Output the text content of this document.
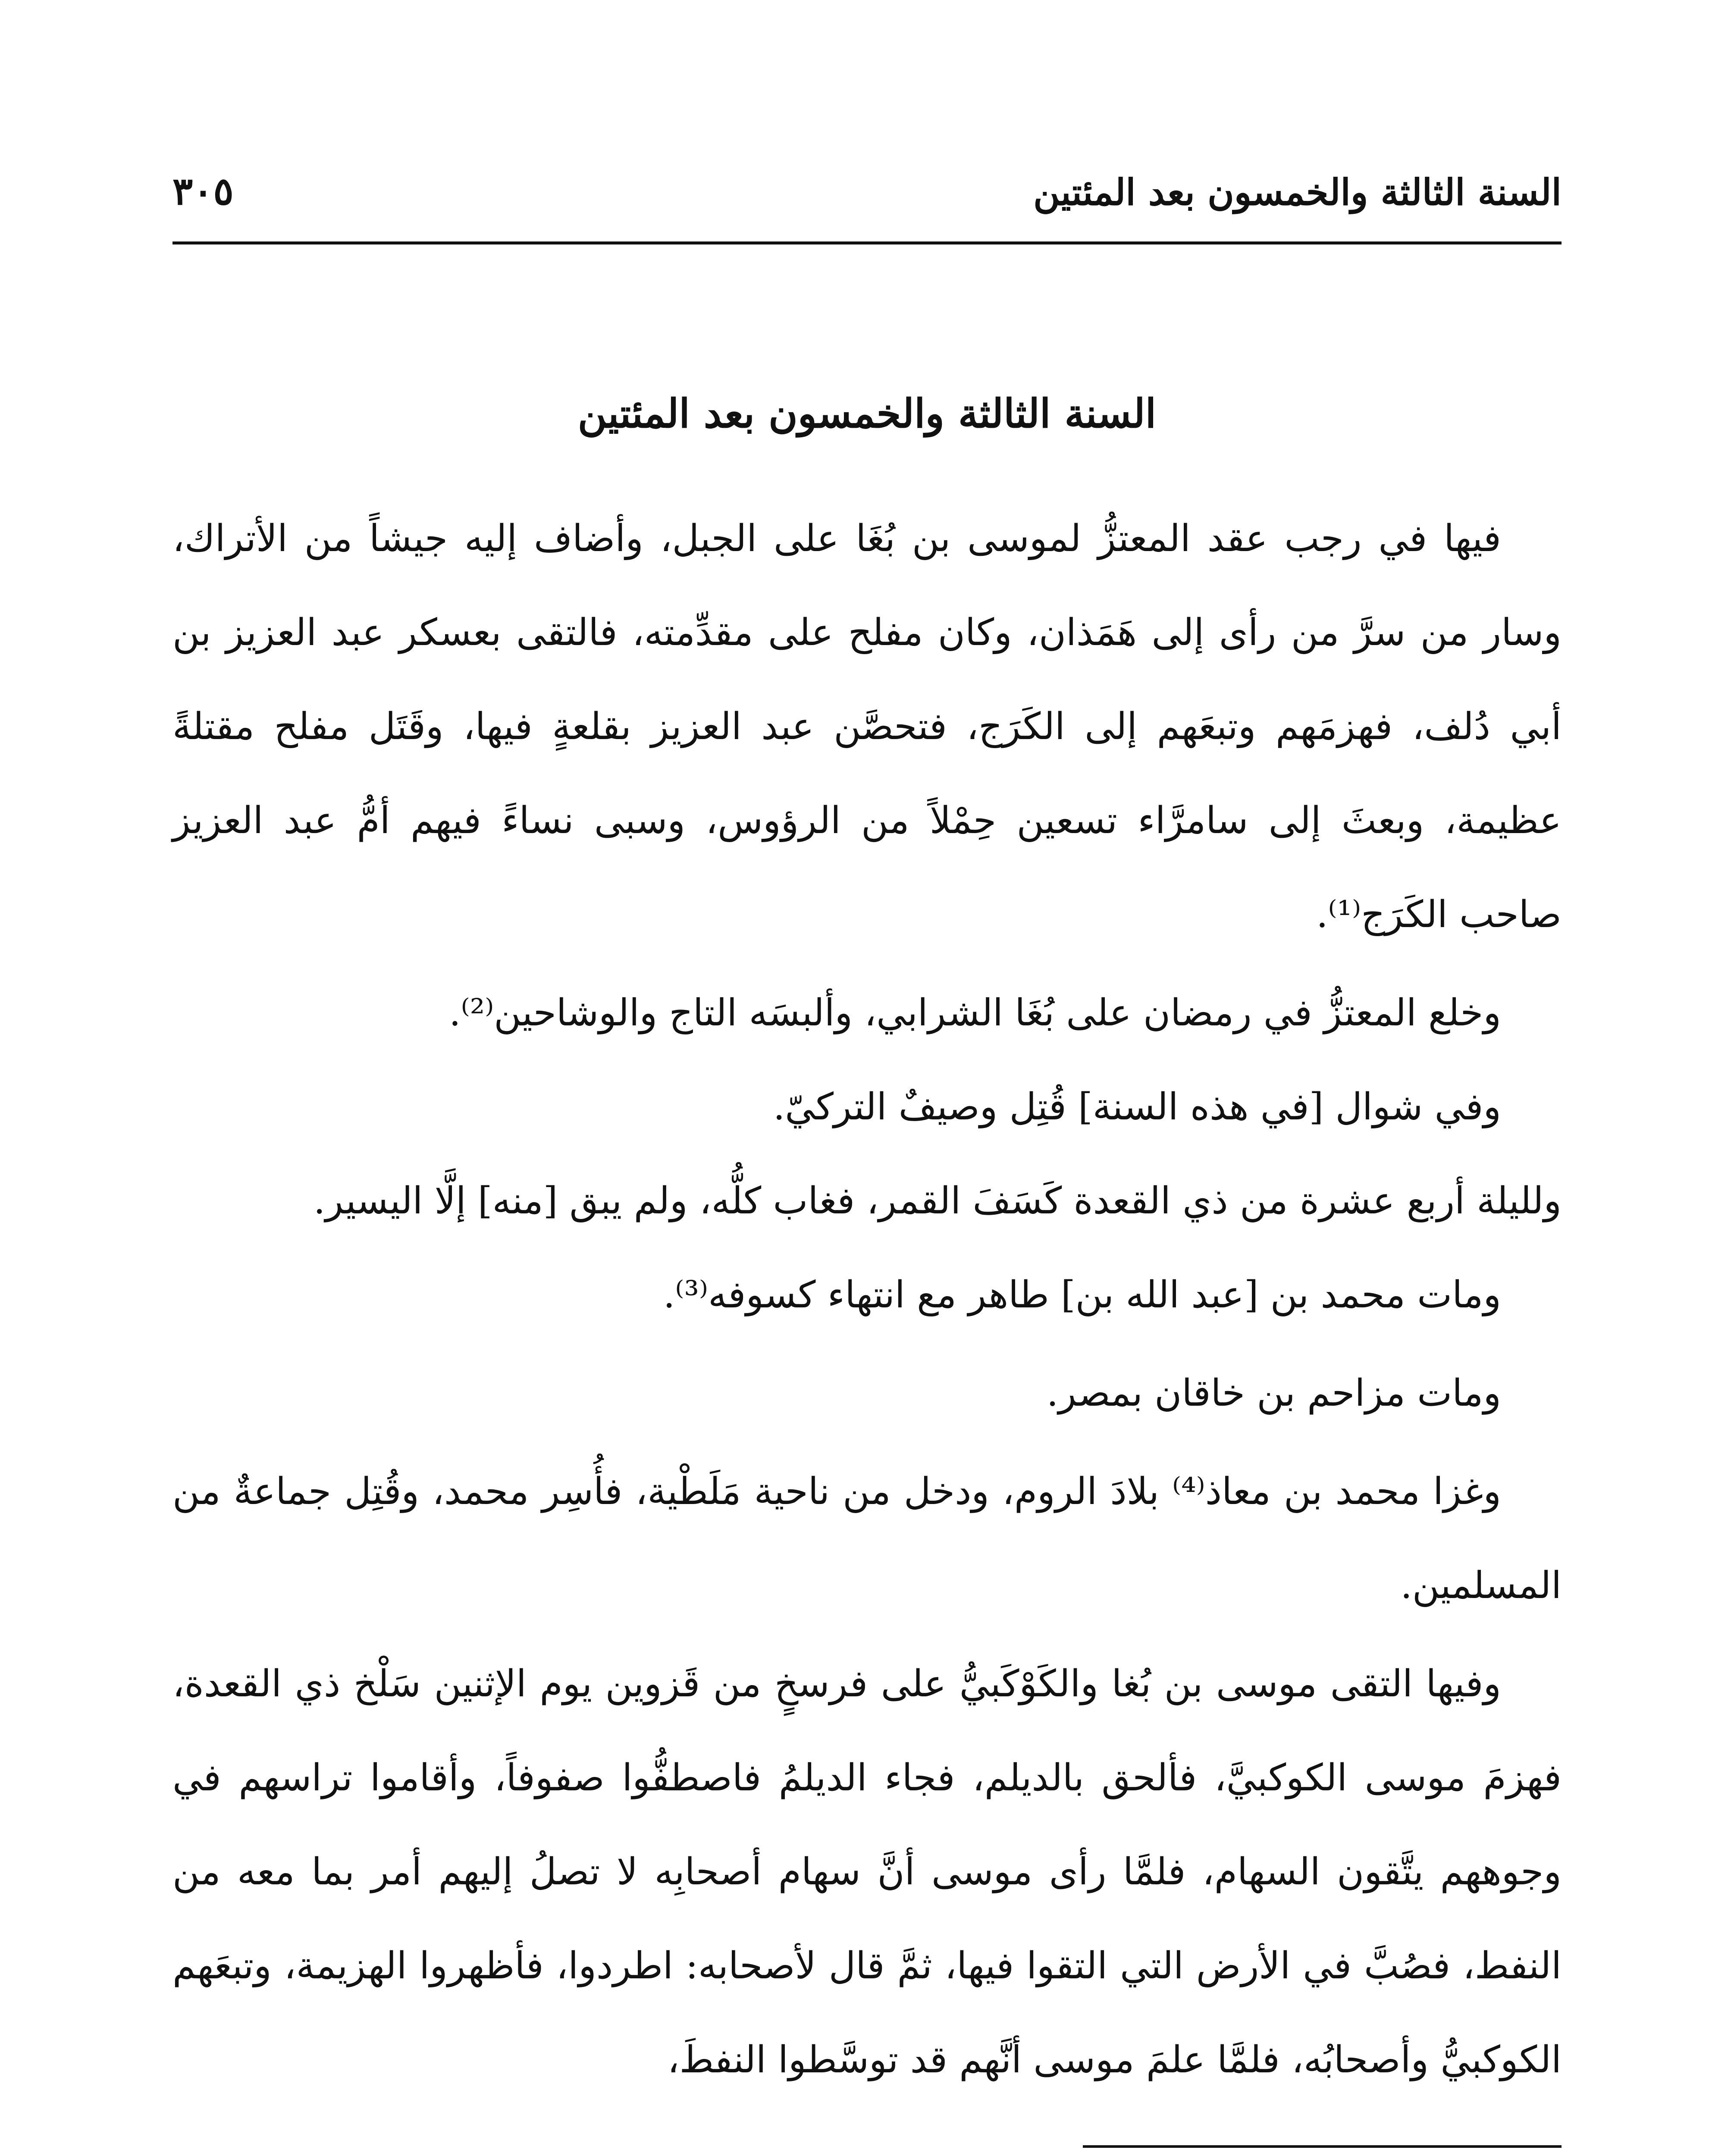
السنة الثالثة والخمسون بعد المئتين
٣٠٥
السنة الثالثة والخمسون بعد المئتين

فيها في رجب عقد المعتزُّ لموسى بن بُغَا على الجبل، وأضاف إليه جيشاً من الأتراك، وسار من سرَّ من رأى إلى هَمَذان، وكان مفلح على مقدِّمته، فالتقى بعسكر عبد العزيز بن أبي دُلف، فهزمَهم وتبعَهم إلى الكَرَج، فتحصَّن عبد العزيز بقلعةٍ فيها، وقَتَل مفلح مقتلةً عظيمة، وبعثَ إلى سامرَّاء تسعين حِمْلاً من الرؤوس، وسبى نساءً فيهم أمُّ عبد العزيز صاحب الكَرَج⁽¹⁾.

وخلع المعتزُّ في رمضان على بُغَا الشرابي، وألبسَه التاج والوشاحين⁽²⁾.

وفي شوال [في هذه السنة] قُتِل وصيفٌ التركيّ.

ولليلة أربع عشرة من ذي القعدة كَسَفَ القمر، فغاب كلُّه، ولم يبق [منه] إلَّا اليسير.

ومات محمد بن [عبد الله بن] طاهر مع انتهاء كسوفه⁽³⁾.

ومات مزاحم بن خاقان بمصر.

وغزا محمد بن معاذ⁽⁴⁾ بلادَ الروم، ودخل من ناحية مَلَطْية، فأُسِر محمد، وقُتِل جماعةٌ من المسلمين.

وفيها التقى موسى بن بُغا والكَوْكَبيُّ على فرسخٍ من قَزوين يوم الإثنين سَلْخ ذي القعدة، فهزمَ موسى الكوكبيَّ، فألحق بالديلم، فجاء الديلمُ فاصطفُّوا صفوفاً، وأقاموا تراسهم في وجوههم يتَّقون السهام، فلمَّا رأى موسى أنَّ سهام أصحابِه لا تصلُ إليهم أمر بما معه من النفط، فصُبَّ في الأرض التي التقوا فيها، ثمَّ قال لأصحابه: اطردوا، فأظهروا الهزيمة، وتبعَهم الكوكبيُّ وأصحابُه، فلمَّا علمَ موسى أنَّهم قد توسَّطوا النفطَ،
